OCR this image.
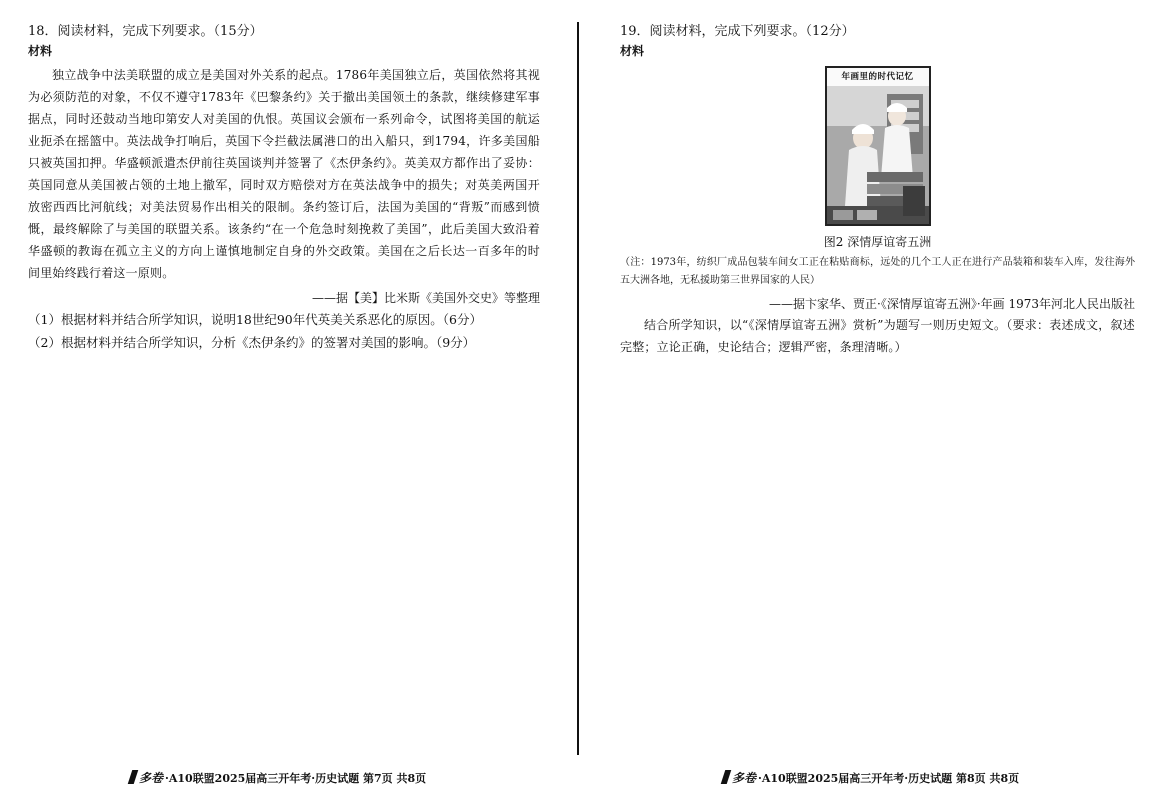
18．阅读材料，完成下列要求。（15分）

材料

独立战争中法美联盟的成立是美国对外关系的起点。1786年美国独立后，英国依然将其视为必须防范的对象，不仅不遵守1783年《巴黎条约》关于撤出美国领土的条款，继续修建军事据点，同时还鼓动当地印第安人对美国的仇恨。英国议会颁布一系列命令，试图将美国的航运业扼杀在摇篮中。英法战争打响后，英国下令拦截法属港口的出入船只，到1794，许多美国船只被英国扣押。华盛顿派遣杰伊前往英国谈判并签署了《杰伊条约》。英美双方都作出了妥协：英国同意从美国被占领的土地上撤军，同时双方赔偿对方在英法战争中的损失；对英美两国开放密西西比河航线；对美法贸易作出相关的限制。条约签订后，法国为美国的“背叛”而感到愤慨，最终解除了与美国的联盟关系。该条约“在一个危急时刻挽救了美国”，此后美国大致沿着华盛顿的教诲在孤立主义的方向上谨慎地制定自身的外交政策。美国在之后长达一百多年的时间里始终践行着这一原则。

——据【美】比米斯《美国外交史》等整理

（1）根据材料并结合所学知识，说明18世纪90年代英美关系恶化的原因。（6分）

（2）根据材料并结合所学知识，分析《杰伊条约》的签署对美国的影响。（9分）

多卷 ·A10联盟2025届高三开年考·历史试题 第7页 共8页

19．阅读材料，完成下列要求。（12分）

材料

年画里的时代记忆

图2 深情厚谊寄五洲

（注：1973年，纺织厂成品包装车间女工正在粘贴商标，远处的几个工人正在进行产品装箱和装车入库，发往海外五大洲各地，无私援助第三世界国家的人民）

——据卞家华、贾正·《深情厚谊寄五洲》·年画 1973年河北人民出版社

结合所学知识，以“《深情厚谊寄五洲》赏析”为题写一则历史短文。（要求：表述成文，叙述完整；立论正确，史论结合；逻辑严密，条理清晰。）

多卷 ·A10联盟2025届高三开年考·历史试题 第8页 共8页
